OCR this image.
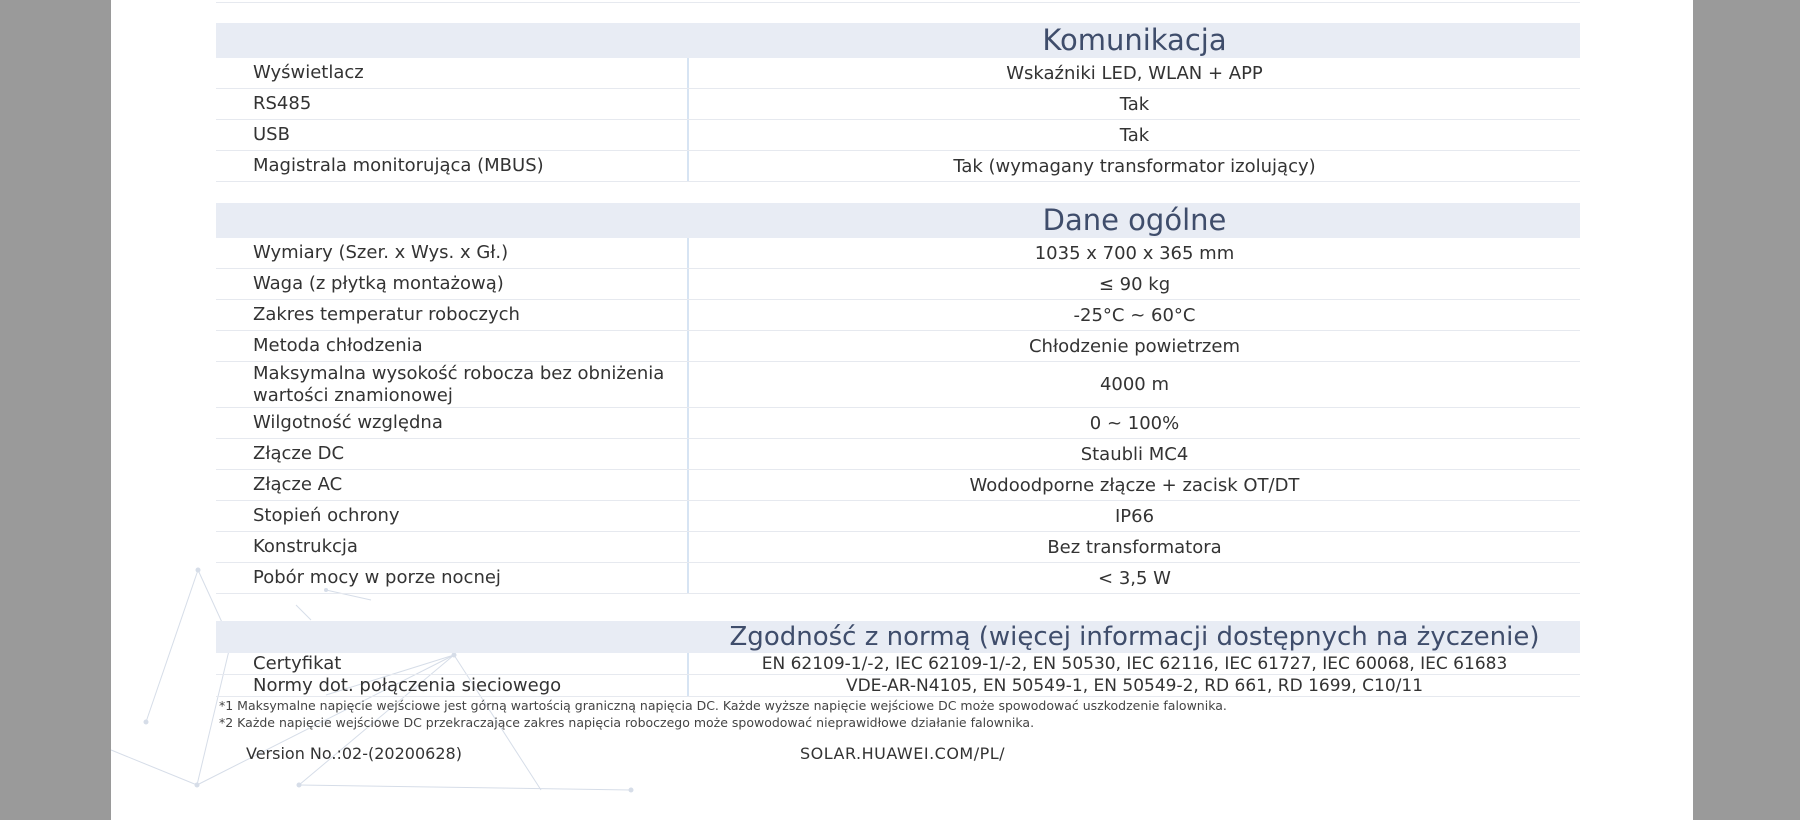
Komunikacja
Wyświetlacz	Wskaźniki LED, WLAN + APP
RS485	Tak
USB	Tak
Magistrala monitorująca (MBUS)	Tak (wymagany transformator izolujący)
Dane ogólne
Wymiary (Szer. x Wys. x Gł.)	1035 x 700 x 365 mm
Waga (z płytką montażową)	≤ 90 kg
Zakres temperatur roboczych	-25°C ~ 60°C
Metoda chłodzenia	Chłodzenie powietrzem
Maksymalna wysokość robocza bez obniżenia wartości znamionowej	4000 m
Wilgotność względna	0 ~ 100%
Złącze DC	Staubli MC4
Złącze AC	Wodoodporne złącze + zacisk OT/DT
Stopień ochrony	IP66
Konstrukcja	Bez transformatora
Pobór mocy w porze nocnej	< 3,5 W
Zgodność z normą (więcej informacji dostępnych na życzenie)
Certyfikat	EN 62109-1/-2, IEC 62109-1/-2, EN 50530, IEC 62116, IEC 61727, IEC 60068, IEC 61683
Normy dot. połączenia sieciowego	VDE-AR-N4105, EN 50549-1, EN 50549-2, RD 661, RD 1699, C10/11
*1 Maksymalne napięcie wejściowe jest górną wartością graniczną napięcia DC. Każde wyższe napięcie wejściowe DC może spowodować uszkodzenie falownika.
*2 Każde napięcie wejściowe DC przekraczające zakres napięcia roboczego może spowodować nieprawidłowe działanie falownika.
Version No.:02-(20200628)	SOLAR.HUAWEI.COM/PL/
